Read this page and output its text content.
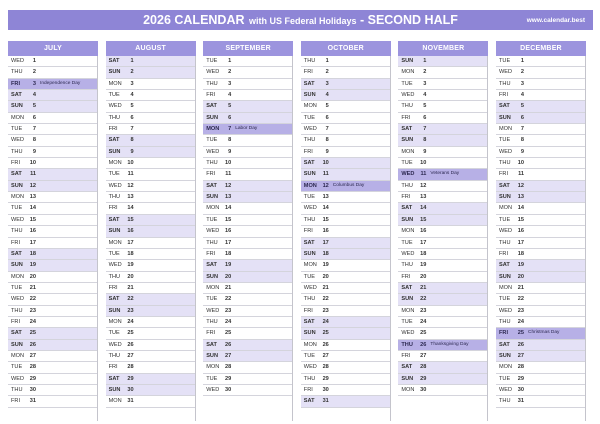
2026 CALENDAR with US Federal Holidays - SECOND HALF	www.calendar.best
JULY
WED	1
THU	2
FRI	3 Independence Day
SAT	4
SUN	5
MON	6
TUE	7
WED	8
THU	9
FRI	10
SAT	11
SUN	12
MON	13
TUE	14
WED	15
THU	16
FRI	17
SAT	18
SUN	19
MON	20
TUE	21
WED	22
THU	23
FRI	24
SAT	25
SUN	26
MON	27
TUE	28
WED	29
THU	30
FRI	31
AUGUST
SAT	1
SUN	2
MON	3
TUE	4
WED	5
THU	6
FRI	7
SAT	8
SUN	9
MON	10
TUE	11
WED	12
THU	13
FRI	14
SAT	15
SUN	16
MON	17
TUE	18
WED	19
THU	20
FRI	21
SAT	22
SUN	23
MON	24
TUE	25
WED	26
THU	27
FRI	28
SAT	29
SUN	30
MON	31
SEPTEMBER
TUE	1
WED	2
THU	3
FRI	4
SAT	5
SUN	6
MON	7 Labor Day
TUE	8
WED	9
THU	10
FRI	11
SAT	12
SUN	13
MON	14
TUE	15
WED	16
THU	17
FRI	18
SAT	19
SUN	20
MON	21
TUE	22
WED	23
THU	24
FRI	25
SAT	26
SUN	27
MON	28
TUE	29
WED	30
OCTOBER
THU	1
FRI	2
SAT	3
SUN	4
MON	5
TUE	6
WED	7
THU	8
FRI	9
SAT	10
SUN	11
MON	12 Columbus Day
TUE	13
WED	14
THU	15
FRI	16
SAT	17
SUN	18
MON	19
TUE	20
WED	21
THU	22
FRI	23
SAT	24
SUN	25
MON	26
TUE	27
WED	28
THU	29
FRI	30
SAT	31
NOVEMBER
SUN	1
MON	2
TUE	3
WED	4
THU	5
FRI	6
SAT	7
SUN	8
MON	9
TUE	10
WED	11 Veterans Day
THU	12
FRI	13
SAT	14
SUN	15
MON	16
TUE	17
WED	18
THU	19
FRI	20
SAT	21
SUN	22
MON	23
TUE	24
WED	25
THU	26 Thanksgiving Day
FRI	27
SAT	28
SUN	29
MON	30
DECEMBER
TUE	1
WED	2
THU	3
FRI	4
SAT	5
SUN	6
MON	7
TUE	8
WED	9
THU	10
FRI	11
SAT	12
SUN	13
MON	14
TUE	15
WED	16
THU	17
FRI	18
SAT	19
SUN	20
MON	21
TUE	22
WED	23
THU	24
FRI	25 Christmas Day
SAT	26
SUN	27
MON	28
TUE	29
WED	30
THU	31
